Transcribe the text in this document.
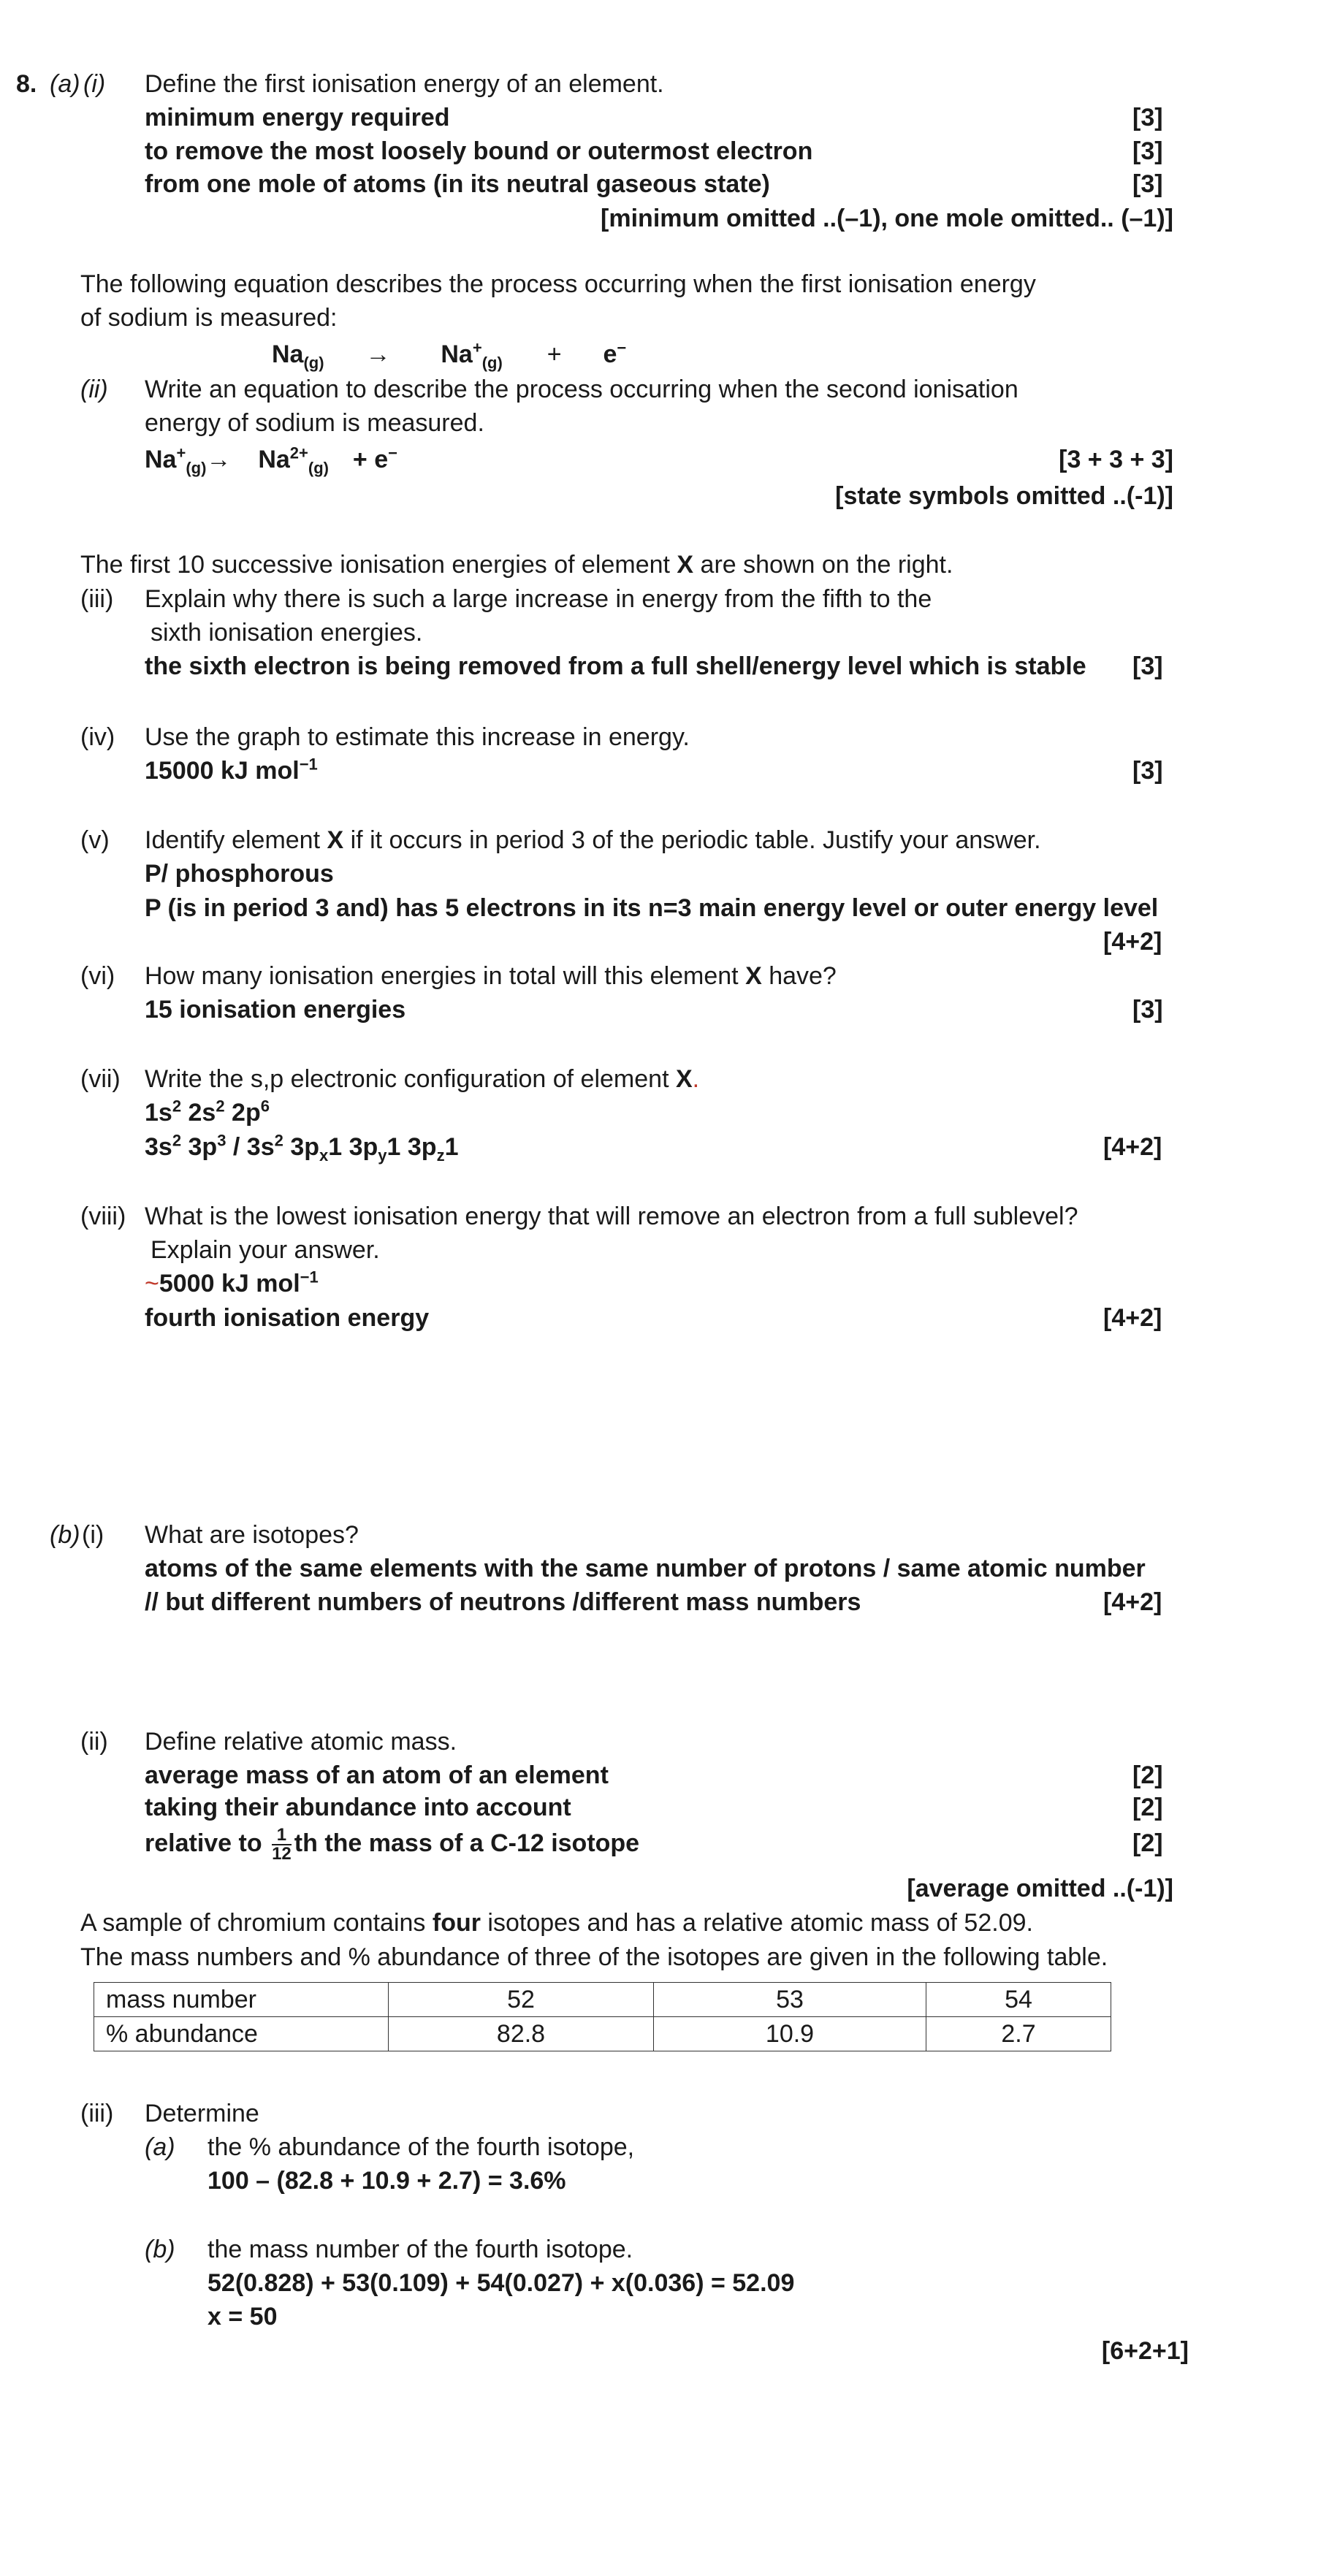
8. (a) (i) Define the first ionisation energy of an element.
minimum energy required	[3]
to remove the most loosely bound or outermost electron	[3]
from one mole of atoms (in its neutral gaseous state)	[3]
[minimum omitted ..(–1), one mole omitted.. (–1)]
The following equation describes the process occurring when the first ionisation energy
of sodium is measured:
$Na_{(g)} \to Na^+_{(g)} + e^-$
(ii) Write an equation to describe the process occurring when the second ionisation
energy of sodium is measured.
$Na^+_{(g)}\to Na^{2+}_{(g)} + e^-$	[3 + 3 + 3]
[state symbols omitted ..(-1)]
The first 10 successive ionisation energies of element X are shown on the right.
(iii) Explain why there is such a large increase in energy from the fifth to the
sixth ionisation energies.
the sixth electron is being removed from a full shell/energy level which is stable [3]
(iv) Use the graph to estimate this increase in energy.
15000 kJ mol$^{-1}$	[3]
(v) Identify element X if it occurs in period 3 of the periodic table. Justify your answer.
P/ phosphorous
P (is in period 3 and) has 5 electrons in its n=3 main energy level or outer energy level
[4+2]
(vi) How many ionisation energies in total will this element X have?
15 ionisation energies	[3]
(vii) Write the s,p electronic configuration of element X.
$1s^2$ $2s^2$ $2p^6$
$3s^2$ $3p^3 / 3s^2$ $3p_x1$ $3p_y1$ $3p_z1$	[4+2]
(viii) What is the lowest ionisation energy that will remove an electron from a full sublevel?
Explain your answer.
~5000 kJ mol$^{-1}$
fourth ionisation energy	[4+2]
(b) (i) What are isotopes?
atoms of the same elements with the same number of protons / same atomic number
// but different numbers of neutrons /different mass numbers	[4+2]
(ii) Define relative atomic mass.
average mass of an atom of an element	[2]
taking their abundance into account	[2]
relative to $\frac{1}{12}$ th the mass of a C-12 isotope	[2]
[average omitted ..(-1)]
A sample of chromium contains four isotopes and has a relative atomic mass of 52.09.
The mass numbers and % abundance of three of the isotopes are given in the following table.
mass number	52	53	54
% abundance	82.8	10.9	2.7
(iii) Determine
(a) the % abundance of the fourth isotope,
100 – (82.8 + 10.9 + 2.7) = 3.6%
(b) the mass number of the fourth isotope.
52(0.828) + 53(0.109) + 54(0.027) + x(0.036) = 52.09
x = 50
[6+2+1]
